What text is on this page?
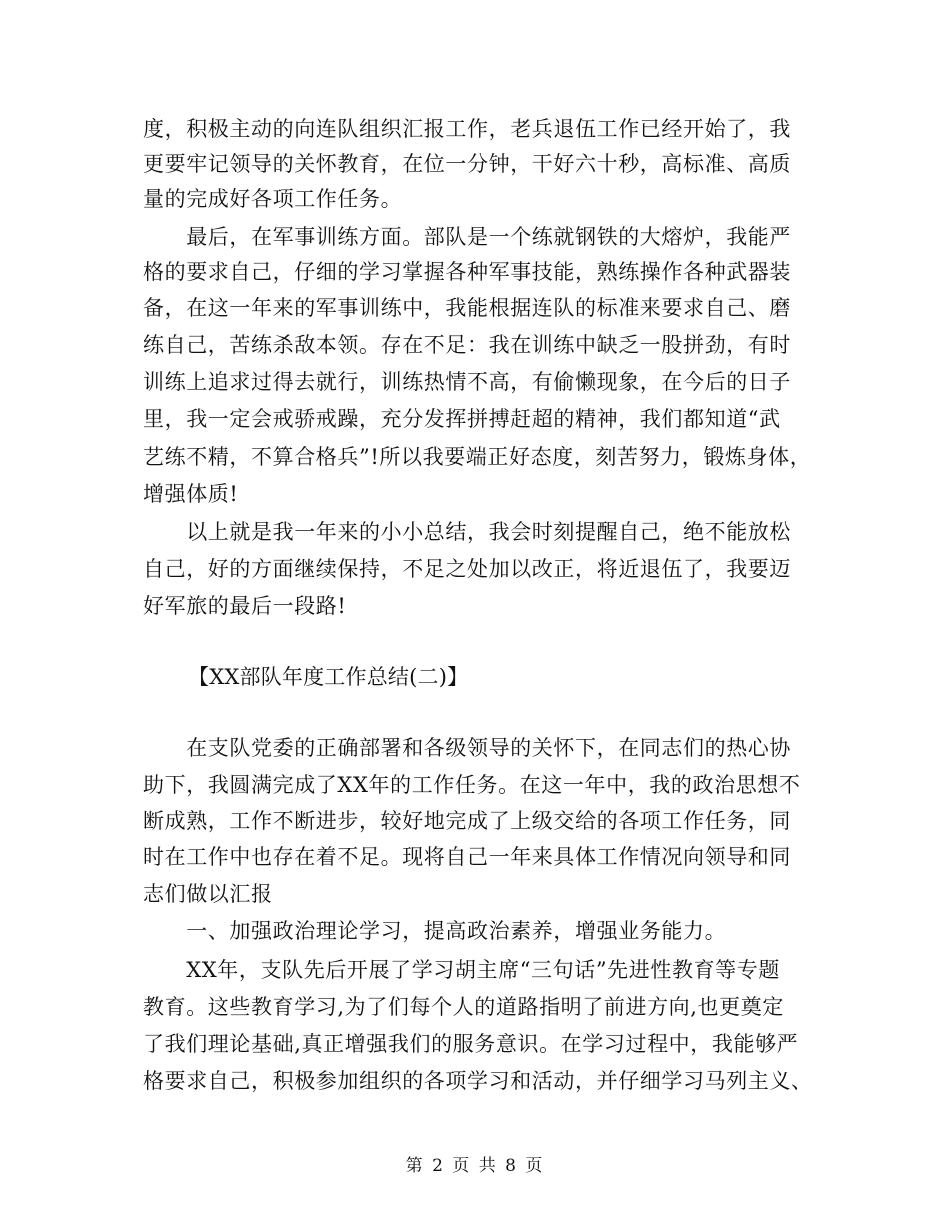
度，积极主动的向连队组织汇报工作，老兵退伍工作已经开始了，我
更要牢记领导的关怀教育，在位一分钟，干好六十秒，高标准、高质
量的完成好各项工作任务。
　　最后，在军事训练方面。部队是一个练就钢铁的大熔炉，我能严
格的要求自己，仔细的学习掌握各种军事技能，熟练操作各种武器装
备，在这一年来的军事训练中，我能根据连队的标准来要求自己、磨
练自己，苦练杀敌本领。存在不足：我在训练中缺乏一股拼劲，有时
训练上追求过得去就行，训练热情不高，有偷懒现象，在今后的日子
里，我一定会戒骄戒躁，充分发挥拼搏赶超的精神，我们都知道“武
艺练不精，不算合格兵”!所以我要端正好态度，刻苦努力，锻炼身体，
增强体质!
　　以上就是我一年来的小小总结，我会时刻提醒自己，绝不能放松
自己，好的方面继续保持，不足之处加以改正，将近退伍了，我要迈
好军旅的最后一段路!
【XX部队年度工作总结(二)】
　　在支队党委的正确部署和各级领导的关怀下，在同志们的热心协
助下，我圆满完成了XX年的工作任务。在这一年中，我的政治思想不
断成熟，工作不断进步，较好地完成了上级交给的各项工作任务，同
时在工作中也存在着不足。现将自己一年来具体工作情况向领导和同
志们做以汇报
　　一、加强政治理论学习，提高政治素养，增强业务能力。
　　XX年，支队先后开展了学习胡主席“三句话”先进性教育等专题
教育。这些教育学习,为了们每个人的道路指明了前进方向,也更奠定
了我们理论基础,真正增强我们的服务意识。在学习过程中，我能够严
格要求自己，积极参加组织的各项学习和活动，并仔细学习马列主义、
第 2 页 共 8 页
